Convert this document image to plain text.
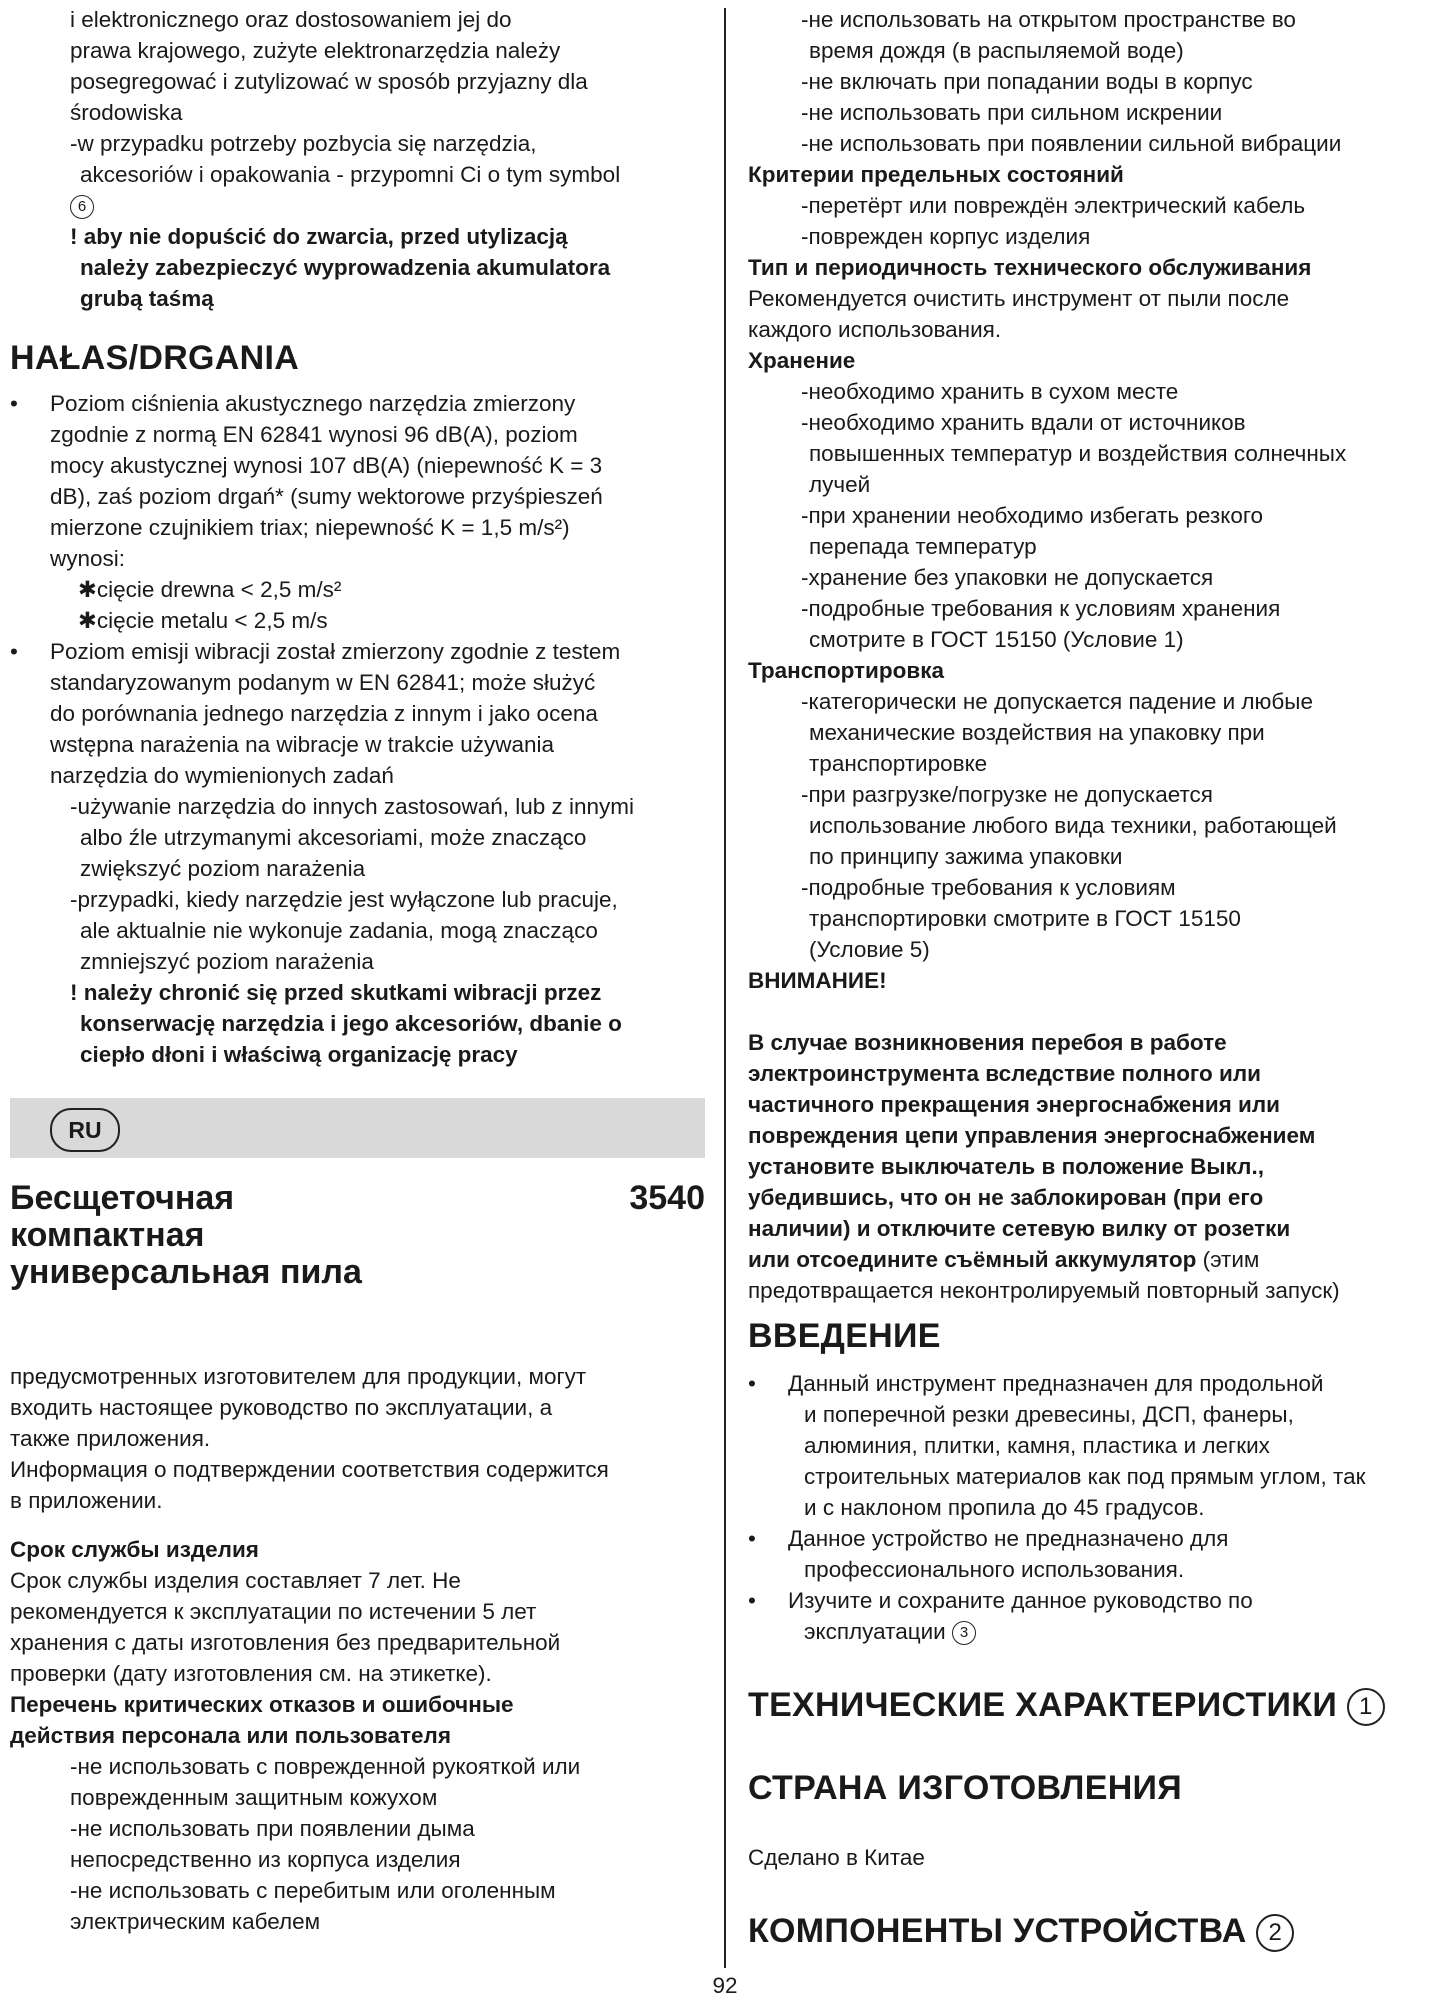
i elektronicznego oraz dostosowaniem jej do
prawa krajowego, zużyte elektronarzędzia należy
posegregować i zutylizować w sposób przyjazny dla
środowiska
-w przypadku potrzeby pozbycia się narzędzia,
akcesoriów i opakowania - przypomni Ci o tym symbol
6
! aby nie dopuścić do zwarcia, przed utylizacją
należy zabezpieczyć wyprowadzenia akumulatora
grubą taśmą
HAŁAS/DRGANIA
• Poziom ciśnienia akustycznego narzędzia zmierzony
zgodnie z normą EN 62841 wynosi 96 dB(A), poziom
mocy akustycznej wynosi 107 dB(A) (niepewność K = 3
dB), zaś poziom drgań* (sumy wektorowe przyśpieszeń
mierzone czujnikiem triax; niepewność K = 1,5 m/s²)
wynosi:
✱cięcie drewna < 2,5 m/s²
✱cięcie metalu < 2,5 m/s
• Poziom emisji wibracji został zmierzony zgodnie z testem
standaryzowanym podanym w EN 62841; może służyć
do porównania jednego narzędzia z innym i jako ocena
wstępna narażenia na wibracje w trakcie używania
narzędzia do wymienionych zadań
-używanie narzędzia do innych zastosowań, lub z innymi
albo źle utrzymanymi akcesoriami, może znacząco
zwiększyć poziom narażenia
-przypadki, kiedy narzędzie jest wyłączone lub pracuje,
ale aktualnie nie wykonuje zadania, mogą znacząco
zmniejszyć poziom narażenia
! należy chronić się przed skutkami wibracji przez
konserwację narzędzia i jego akcesoriów, dbanie o
ciepło dłoni i właściwą organizację pracy
RU
Бесщеточная
компактная
универсальная пила
3540
предусмотренных изготовителем для продукции, могут
входить настоящее руководство по эксплуатации, а
также приложения.
Информация о подтверждении соответствия содержится
в приложении.
Срок службы изделия
Срок службы изделия составляет 7 лет. Не
рекомендуется к эксплуатации по истечении 5 лет
хранения с даты изготовления без предварительной
проверки (дату изготовления см. на этикетке).
Перечень критических отказов и ошибочные
действия персонала или пользователя
-не использовать с поврежденной рукояткой или
поврежденным защитным кожухом
-не использовать при появлении дыма
непосредственно из корпуса изделия
-не использовать с перебитым или оголенным
электрическим кабелем
-не использовать на открытом пространстве во
время дождя (в распыляемой воде)
-не включать при попадании воды в корпус
-не использовать при сильном искрении
-не использовать при появлении сильной вибрации
Критерии предельных состояний
-перетёрт или повреждён электрический кабель
-поврежден корпус изделия
Тип и периодичность технического обслуживания
Рекомендуется очистить инструмент от пыли после
каждого использования.
Хранение
-необходимо хранить в сухом месте
-необходимо хранить вдали от источников
повышенных температур и воздействия солнечных
лучей
-при хранении необходимо избегать резкого
перепада температур
-хранение без упаковки не допускается
-подробные требования к условиям хранения
смотрите в ГОСТ 15150 (Условие 1)
Транспортировка
-категорически не допускается падение и любые
механические воздействия на упаковку при
транспортировке
-при разгрузке/погрузке не допускается
использование любого вида техники, работающей
по принципу зажима упаковки
-подробные требования к условиям
транспортировки смотрите в ГОСТ 15150
(Условие 5)
ВНИМАНИЕ!
В случае возникновения перебоя в работе
электроинструмента вследствие полного или
частичного прекращения энергоснабжения или
повреждения цепи управления энергоснабжением
установите выключатель в положение Выкл.,
убедившись, что он не заблокирован (при его
наличии) и отключите сетевую вилку от розетки
или отсоедините съёмный аккумулятор (этим
предотвращается неконтролируемый повторный запуск)
ВВЕДЕНИЕ
• Данный инструмент предназначен для продольной
и поперечной резки древесины, ДСП, фанеры,
алюминия, плитки, камня, пластика и легких
строительных материалов как под прямым углом, так
и с наклоном пропила до 45 градусов.
• Данное устройство не предназначено для
профессионального использования.
• Изучите и сохраните данное руководство по
эксплуатации 3
ТЕХНИЧЕСКИЕ ХАРАКТЕРИСТИКИ 1
СТРАНА ИЗГОТОВЛЕНИЯ
Сделано в Китае
КОМПОНЕНТЫ УСТРОЙСТВА 2
92
